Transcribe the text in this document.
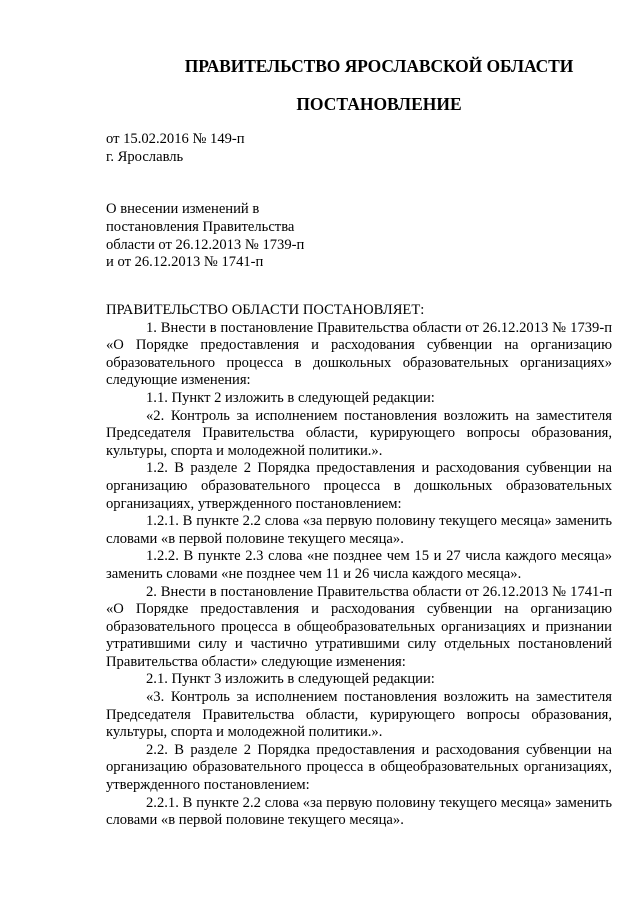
ПРАВИТЕЛЬСТВО ЯРОСЛАВСКОЙ ОБЛАСТИ
ПОСТАНОВЛЕНИЕ
от 15.02.2016 № 149-п
г. Ярославль
О внесении изменений в
постановления Правительства
области от 26.12.2013 № 1739-п
и от 26.12.2013 № 1741-п

ПРАВИТЕЛЬСТВО ОБЛАСТИ ПОСТАНОВЛЯЕТ:

1. Внести в постановление Правительства области от 26.12.2013 № 1739-п «О Порядке предоставления и расходования субвенции на организацию образовательного процесса в дошкольных образовательных организациях» следующие изменения:

1.1. Пункт 2 изложить в следующей редакции:

«2. Контроль за исполнением постановления возложить на заместителя Председателя Правительства области, курирующего вопросы образования, культуры, спорта и молодежной политики.».

1.2. В разделе 2 Порядка предоставления и расходования субвенции на организацию образовательного процесса в дошкольных образовательных организациях, утвержденного постановлением:

1.2.1. В пункте 2.2 слова «за первую половину текущего месяца» заменить словами «в первой половине текущего месяца».

1.2.2. В пункте 2.3 слова «не позднее чем 15 и 27 числа каждого месяца» заменить словами «не позднее чем 11 и 26 числа каждого месяца».

2. Внести в постановление Правительства области от 26.12.2013 № 1741-п «О Порядке предоставления и расходования субвенции на организацию образовательного процесса в общеобразовательных организациях и признании утратившими силу и частично утратившими силу отдельных постановлений Правительства области» следующие изменения:

2.1. Пункт 3 изложить в следующей редакции:

«3. Контроль за исполнением постановления возложить на заместителя Председателя Правительства области, курирующего вопросы образования, культуры, спорта и молодежной политики.».

2.2. В разделе 2 Порядка предоставления и расходования субвенции на организацию образовательного процесса в общеобразовательных организациях, утвержденного постановлением:

2.2.1. В пункте 2.2 слова «за первую половину текущего месяца» заменить словами «в первой половине текущего месяца».
